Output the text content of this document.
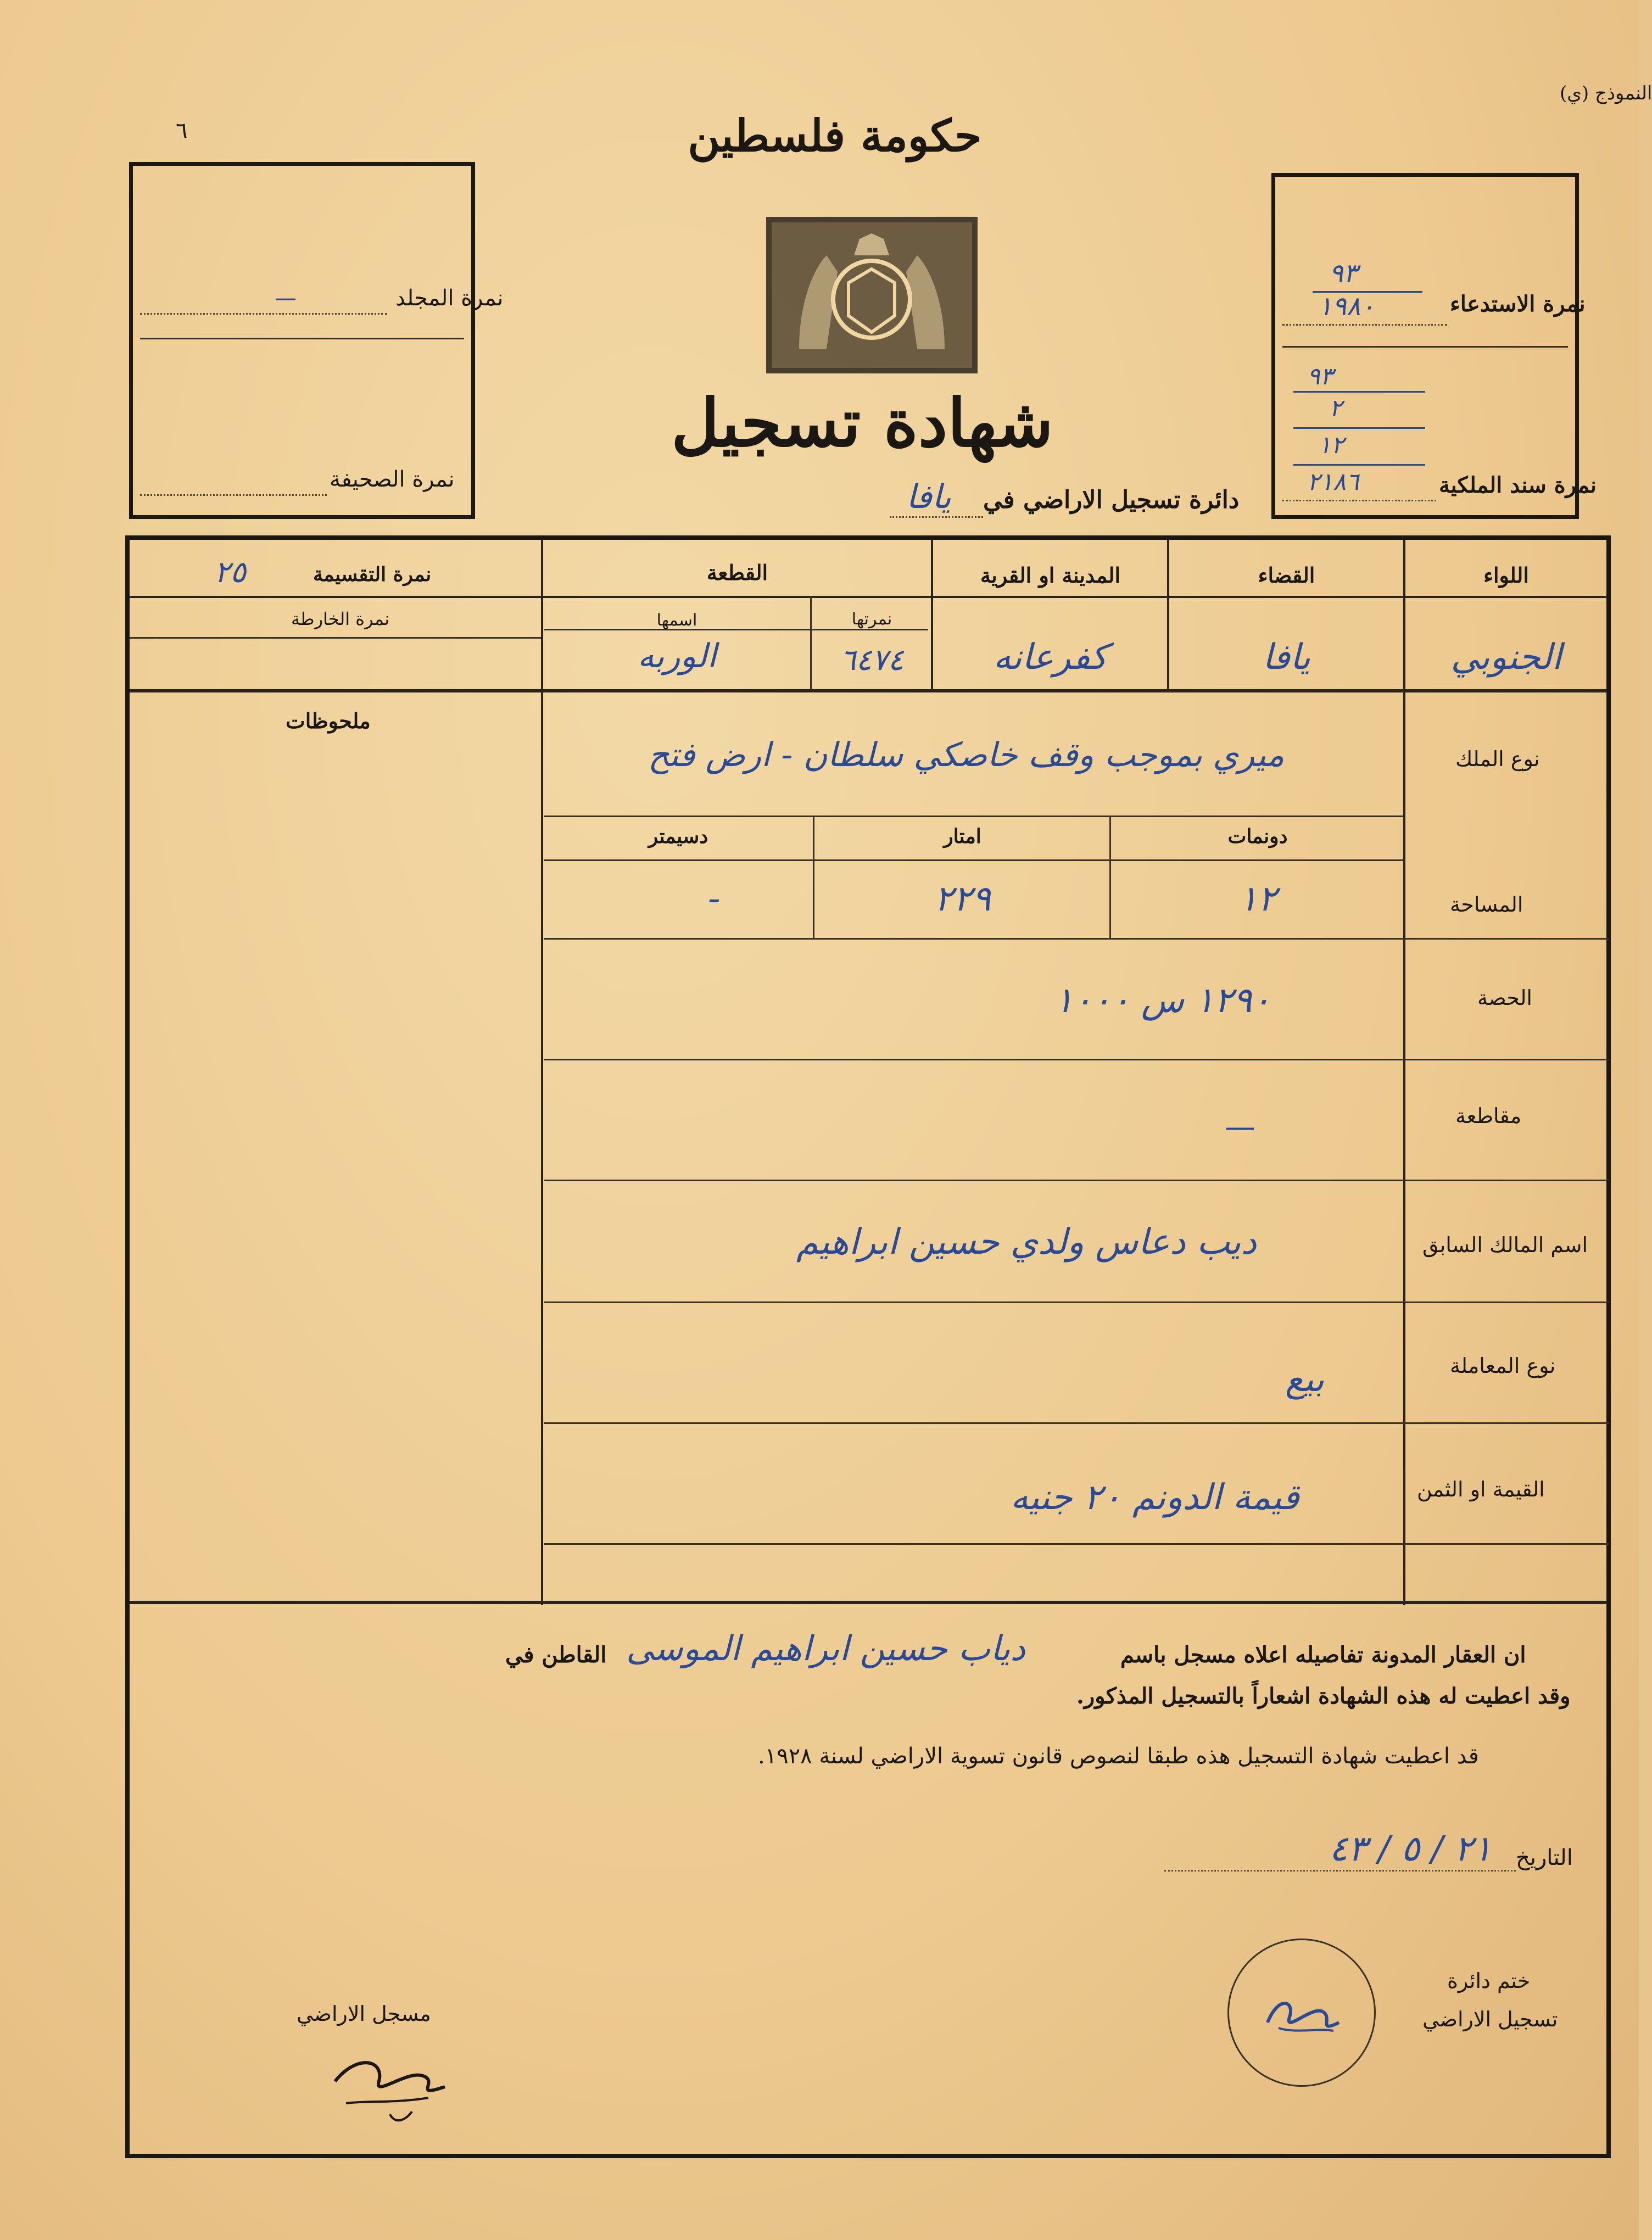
النموذج (ي)
٦	حكومة فلسطين
شهادة تسجيل
دائرة تسجيل الاراضي في
يافا
نمرة المجلد
—
نمرة الصحيفة
نمرة الاستدعاء
٩٣
١٩٨٠
نمرة سند الملكية
٩٣
٢
١٢
٢١٨٦
اللواء
القضاء
المدينة او القرية
القطعة
نمرتها
اسمها
نمرة التقسيمة
٢٥
نمرة الخارطة
الجنوبي
يافا
كفرعانه
٦٤٧٤
الوربه
ملحوظات
نوع الملك
ميري بموجب وقف خاصكي سلطان - ارض فتح
دونمات
امتار
دسيمتر
المساحة
١٢
٢٢٩
-
الحصة
١٢٩٠ س ١٠٠٠
مقاطعة
—
اسم المالك السابق
ديب دعاس ولدي حسين ابراهيم
نوع المعاملة
بيع
القيمة او الثمن
قيمة الدونم ٢٠ جنيه
ان العقار المدونة تفاصيله اعلاه مسجل باسم
دياب حسين ابراهيم الموسى
القاطن في
وقد اعطيت له هذه الشهادة اشعاراً بالتسجيل المذكور.
قد اعطيت شهادة التسجيل هذه طبقا لنصوص قانون تسوية الاراضي لسنة ١٩٢٨.
التاريخ
٢١ / ٥ / ٤٣
ختم دائرة
تسجيل الاراضي
مسجل الاراضي
